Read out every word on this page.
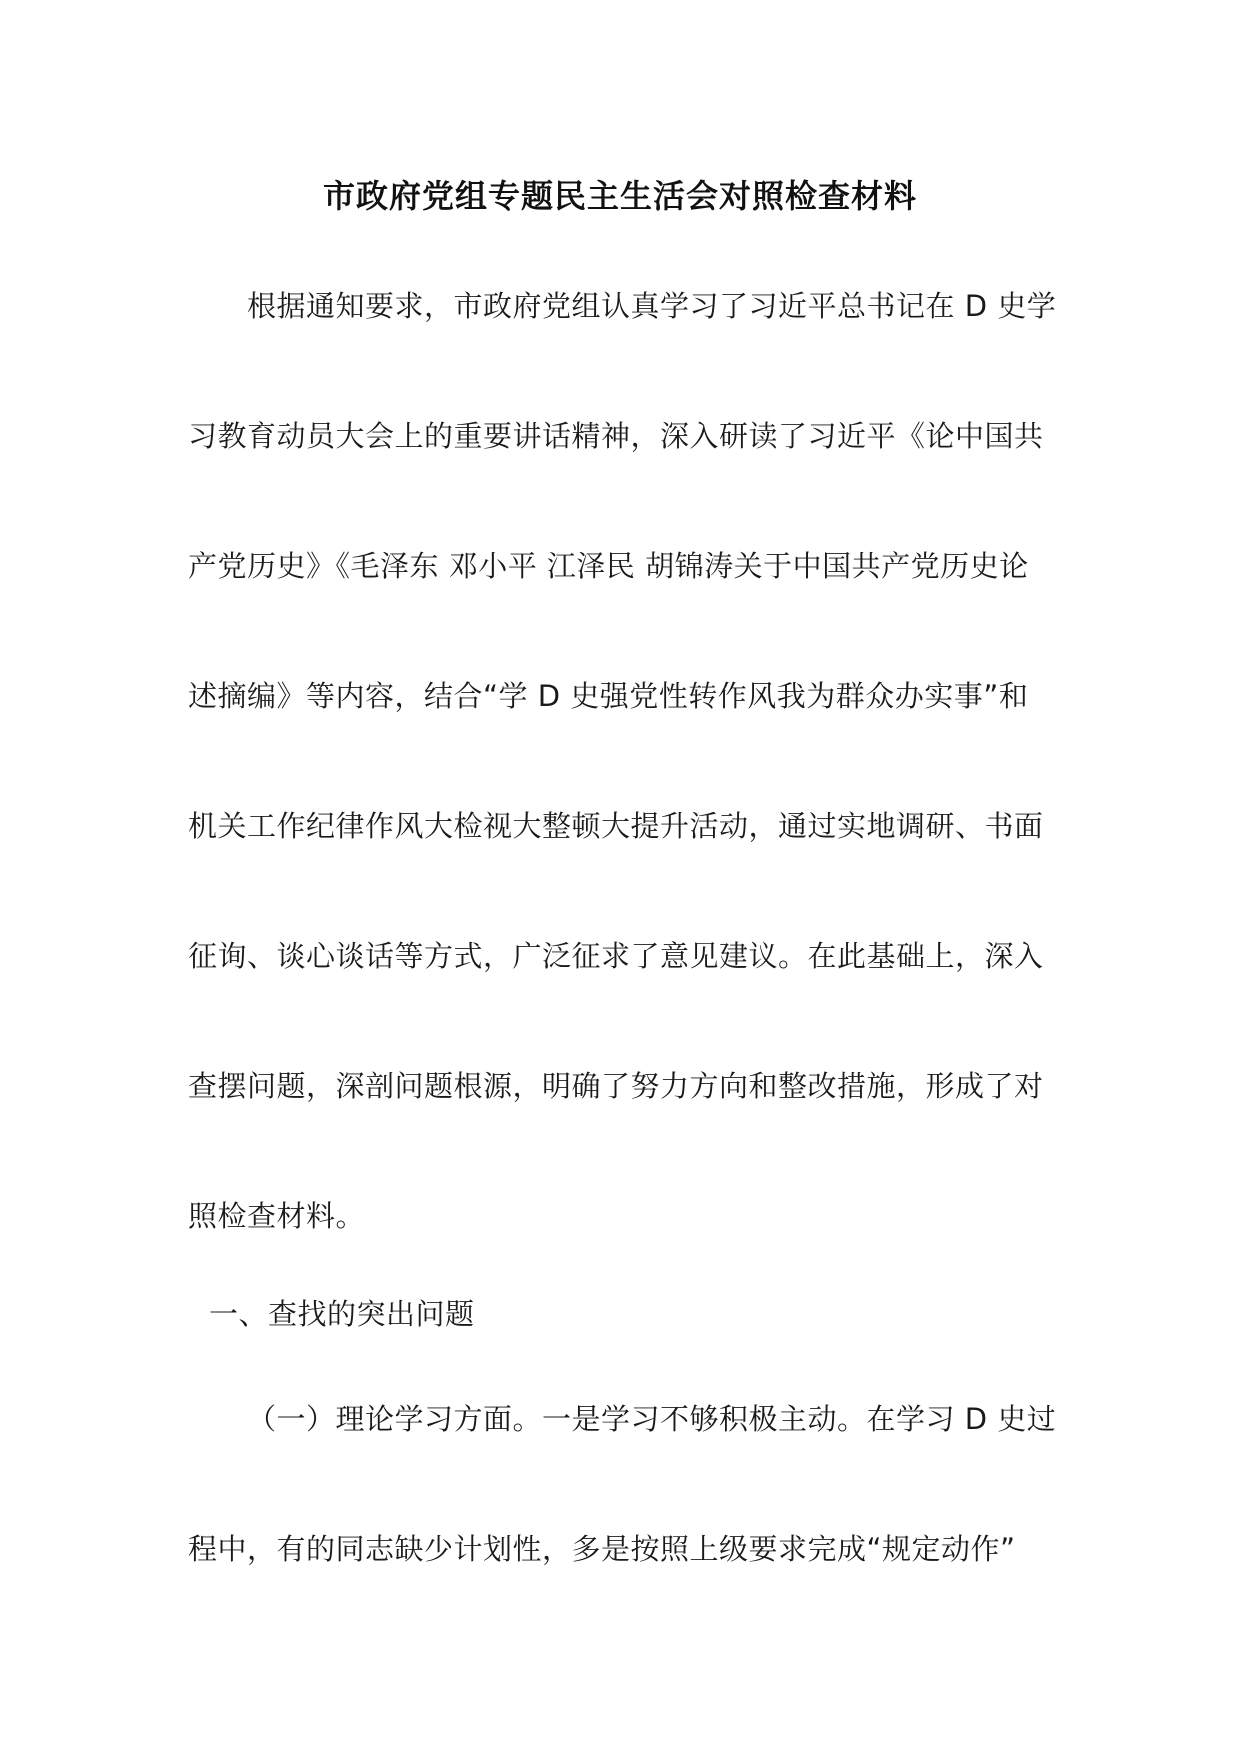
市政府党组专题民主生活会对照检查材料
根据通知要求，市政府党组认真学习了习近平总书记在 D 史学
习教育动员大会上的重要讲话精神，深入研读了习近平《论中国共
产党历史》《毛泽东 邓小平 江泽民 胡锦涛关于中国共产党历史论
述摘编》等内容，结合“学 D 史强党性转作风我为群众办实事”和
机关工作纪律作风大检视大整顿大提升活动，通过实地调研、书面
征询、谈心谈话等方式，广泛征求了意见建议。在此基础上，深入
查摆问题，深剖问题根源，明确了努力方向和整改措施，形成了对
照检查材料。
一、查找的突出问题
（一）理论学习方面。一是学习不够积极主动。在学习 D 史过
程中，有的同志缺少计划性，多是按照上级要求完成“规定动作”
